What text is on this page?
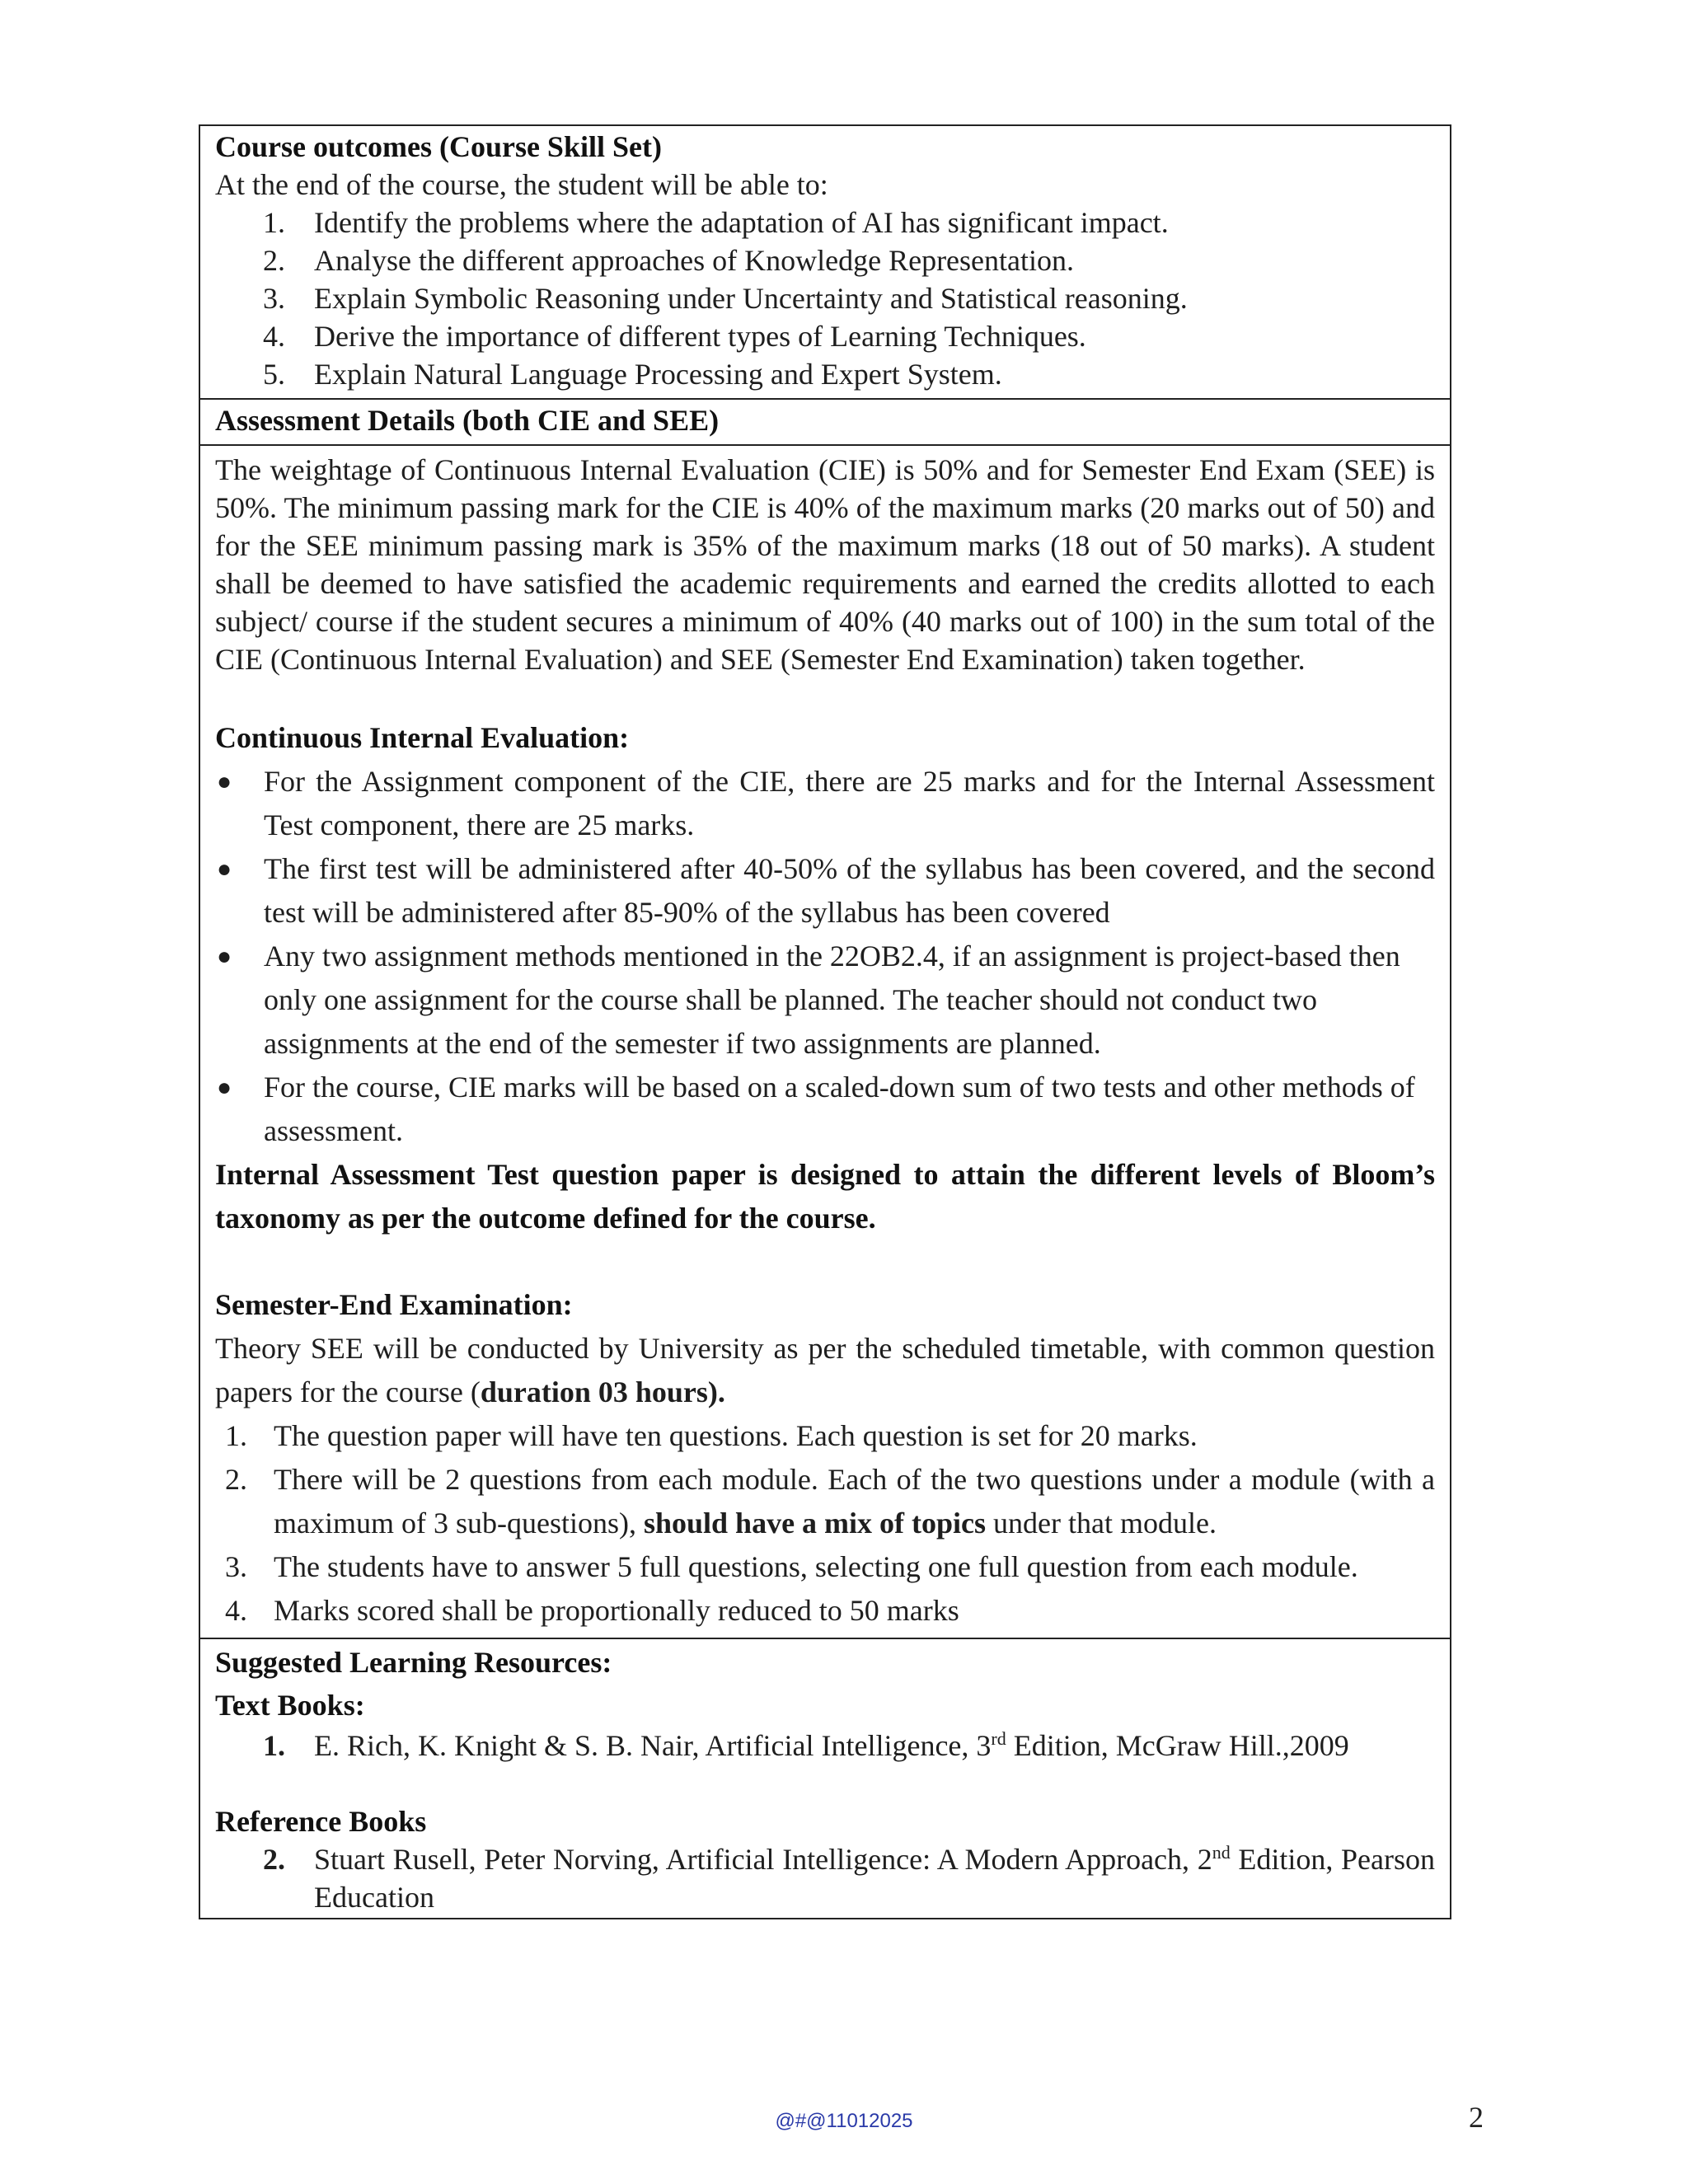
Course outcomes (Course Skill Set)
At the end of the course, the student will be able to:
1. Identify the problems where the adaptation of AI has significant impact.
2. Analyse the different approaches of Knowledge Representation.
3. Explain Symbolic Reasoning under Uncertainty and Statistical reasoning.
4. Derive the importance of different types of Learning Techniques.
5. Explain Natural Language Processing and Expert System.
Assessment Details (both CIE and SEE)
The weightage of Continuous Internal Evaluation (CIE) is 50% and for Semester End Exam (SEE) is 50%. The minimum passing mark for the CIE is 40% of the maximum marks (20 marks out of 50) and for the SEE minimum passing mark is 35% of the maximum marks (18 out of 50 marks). A student shall be deemed to have satisfied the academic requirements and earned the credits allotted to each subject/ course if the student secures a minimum of 40% (40 marks out of 100) in the sum total of the CIE (Continuous Internal Evaluation) and SEE (Semester End Examination) taken together.
Continuous Internal Evaluation:
● For the Assignment component of the CIE, there are 25 marks and for the Internal Assessment Test component, there are 25 marks.
● The first test will be administered after 40-50% of the syllabus has been covered, and the second test will be administered after 85-90% of the syllabus has been covered
● Any two assignment methods mentioned in the 22OB2.4, if an assignment is project-based then only one assignment for the course shall be planned. The teacher should not conduct two assignments at the end of the semester if two assignments are planned.
● For the course, CIE marks will be based on a scaled-down sum of two tests and other methods of assessment.
Internal Assessment Test question paper is designed to attain the different levels of Bloom’s taxonomy as per the outcome defined for the course.
Semester-End Examination:
Theory SEE will be conducted by University as per the scheduled timetable, with common question papers for the course (duration 03 hours).
1. The question paper will have ten questions. Each question is set for 20 marks.
2. There will be 2 questions from each module. Each of the two questions under a module (with a maximum of 3 sub-questions), should have a mix of topics under that module.
3. The students have to answer 5 full questions, selecting one full question from each module.
4. Marks scored shall be proportionally reduced to 50 marks
Suggested Learning Resources:
Text Books:
1. E. Rich, K. Knight & S. B. Nair, Artificial Intelligence, 3rd Edition, McGraw Hill.,2009
Reference Books
2. Stuart Rusell, Peter Norving, Artificial Intelligence: A Modern Approach, 2nd Edition, Pearson Education
@#@11012025	2
